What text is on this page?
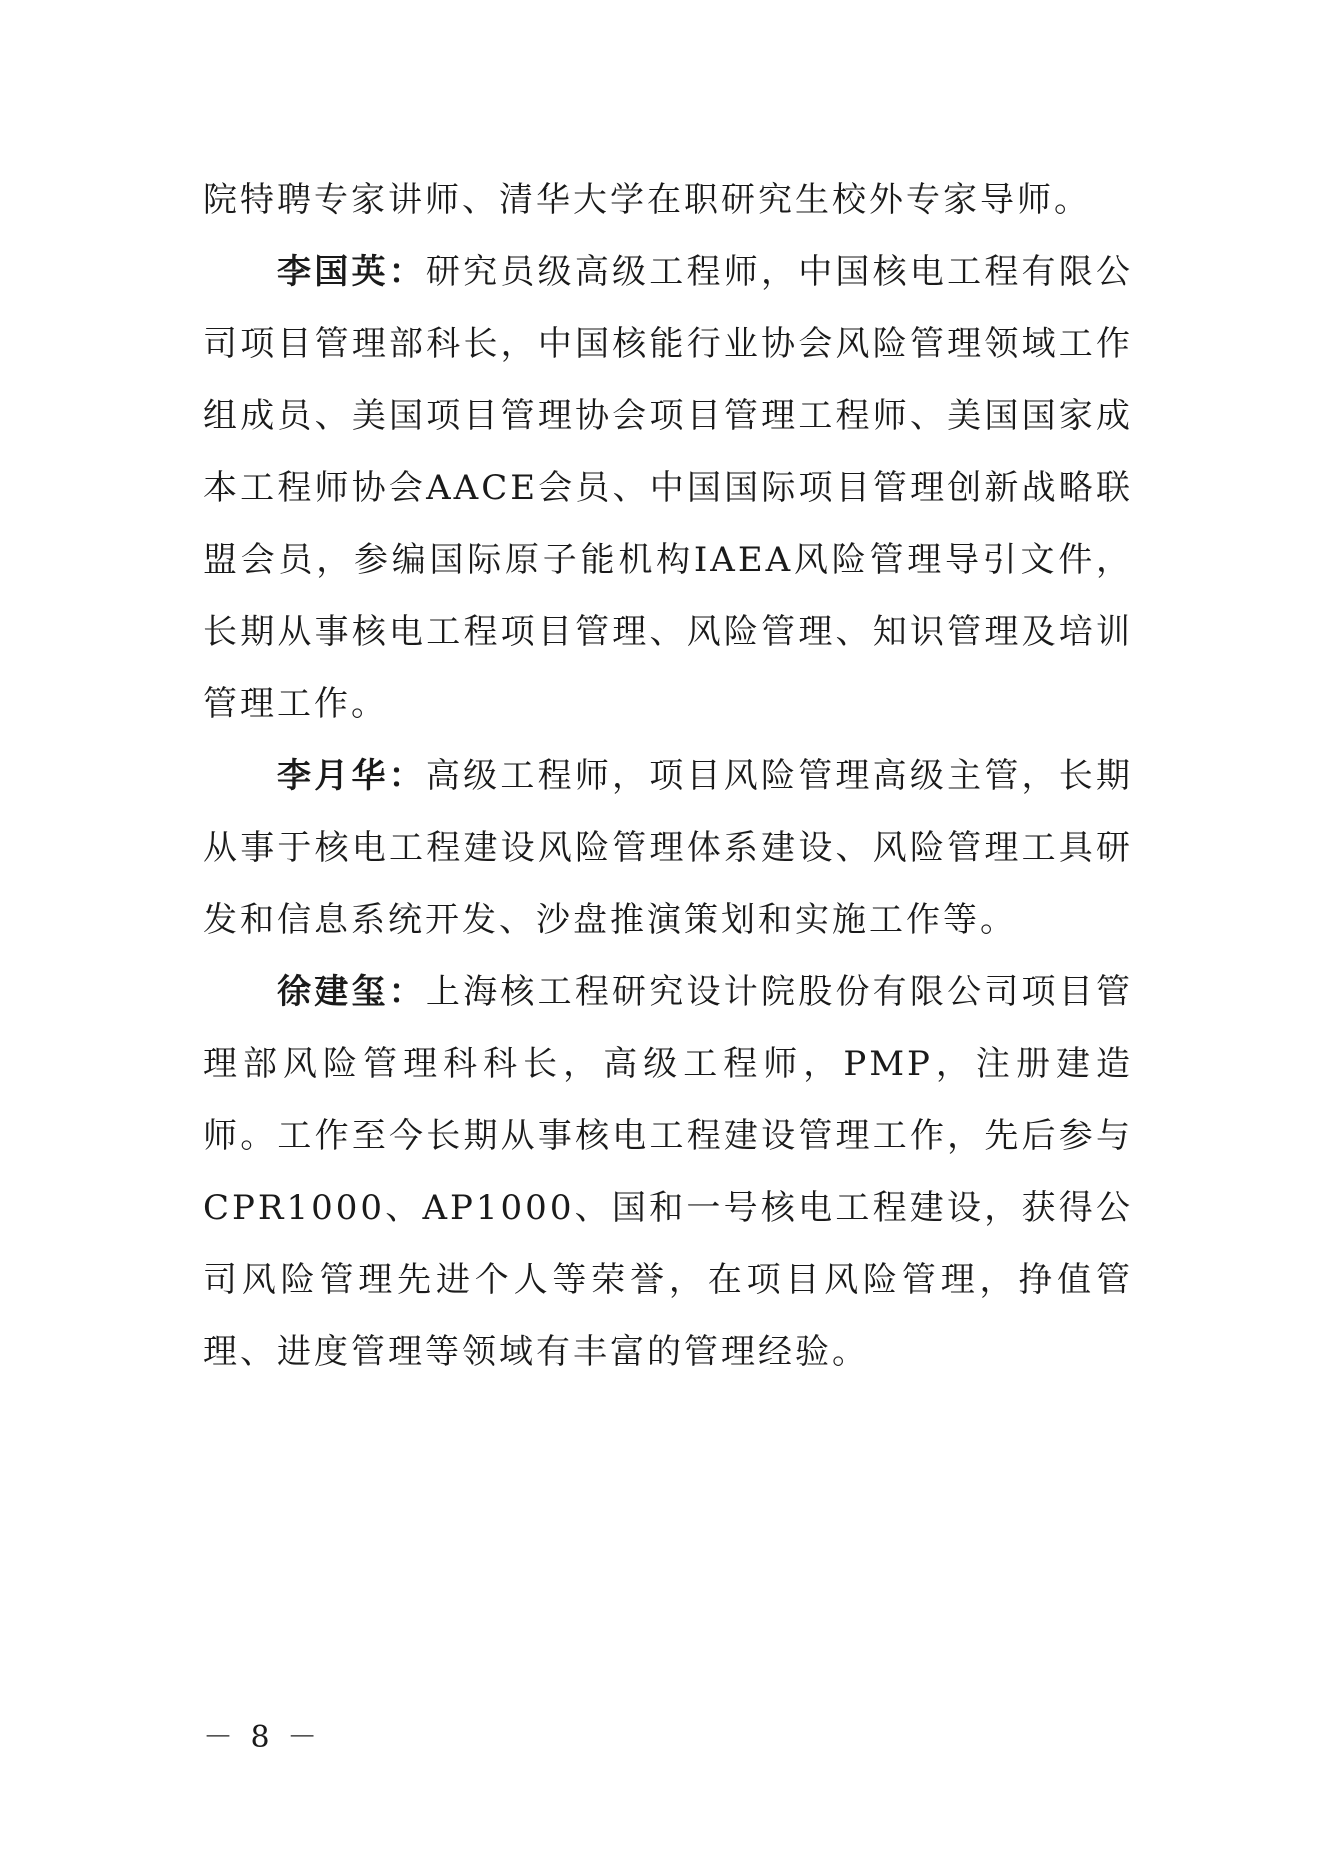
院特聘专家讲师、清华大学在职研究生校外专家导师。

李国英：研究员级高级工程师，中国核电工程有限公司项目管理部科长，中国核能行业协会风险管理领域工作组成员、美国项目管理协会项目管理工程师、美国国家成本工程师协会AACE会员、中国国际项目管理创新战略联盟会员，参编国际原子能机构IAEA风险管理导引文件，长期从事核电工程项目管理、风险管理、知识管理及培训管理工作。

李月华：高级工程师，项目风险管理高级主管，长期从事于核电工程建设风险管理体系建设、风险管理工具研发和信息系统开发、沙盘推演策划和实施工作等。

徐建玺：上海核工程研究设计院股份有限公司项目管理部风险管理科科长，高级工程师，PMP，注册建造师。工作至今长期从事核电工程建设管理工作，先后参与CPR1000、AP1000、国和一号核电工程建设，获得公司风险管理先进个人等荣誉，在项目风险管理，挣值管理、进度管理等领域有丰富的管理经验。

－ 8 －
